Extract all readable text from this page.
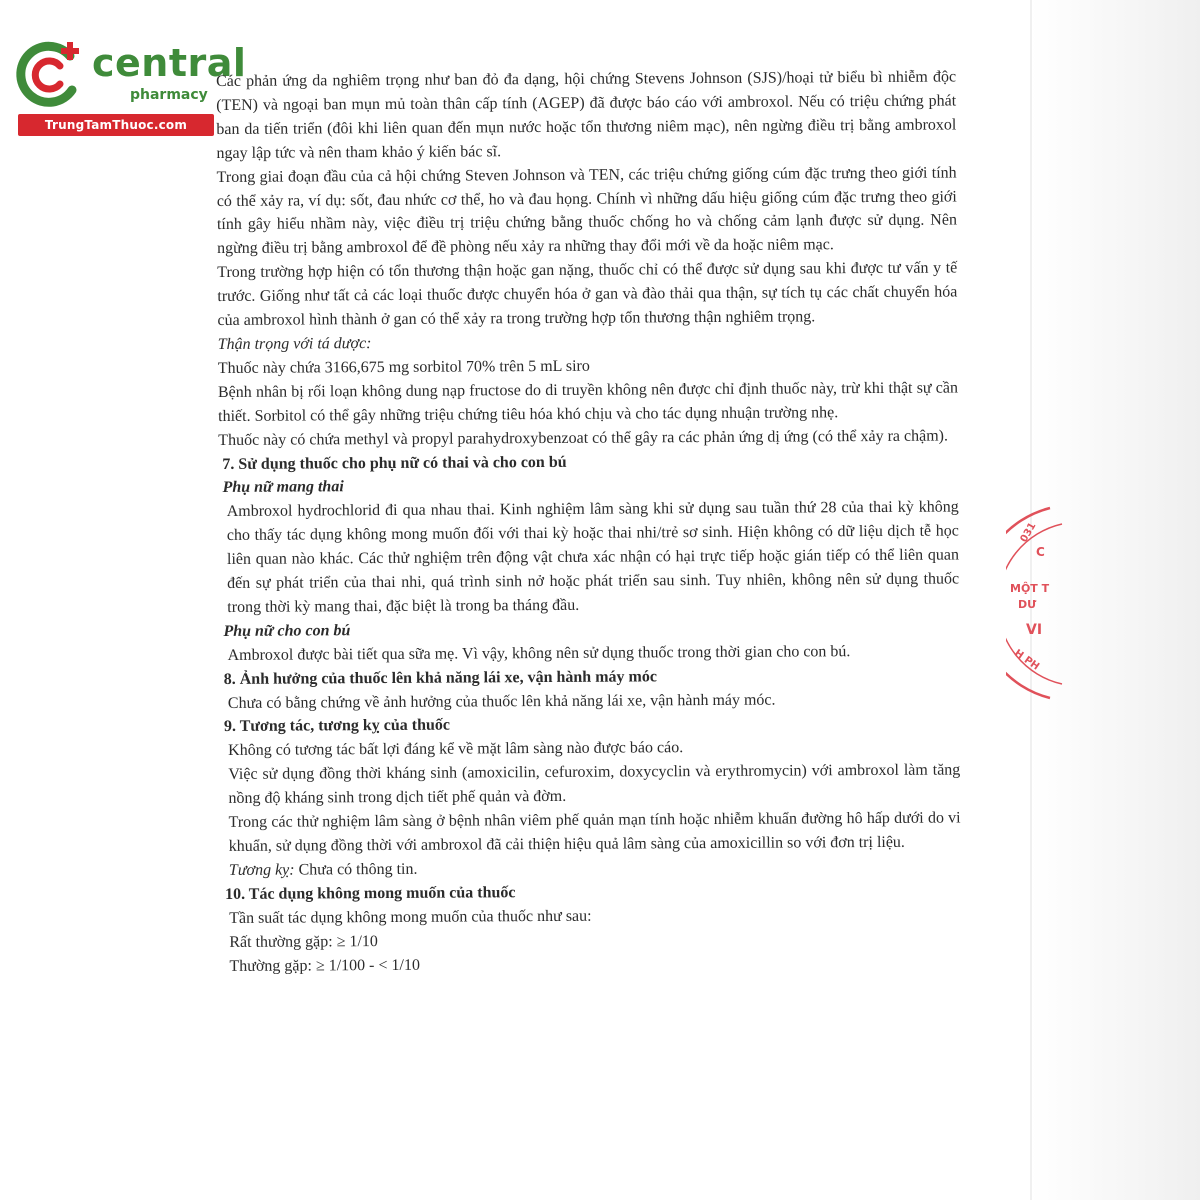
central
pharmacy
TrungTamThuoc.com
031
C
MỘT T
DƯ
VI
H PH

Các phản ứng da nghiêm trọng như ban đỏ đa dạng, hội chứng Stevens Johnson (SJS)/hoại tử biểu bì nhiễm độc (TEN) và ngoại ban mụn mủ toàn thân cấp tính (AGEP) đã được báo cáo với ambroxol. Nếu có triệu chứng phát ban da tiến triển (đôi khi liên quan đến mụn nước hoặc tổn thương niêm mạc), nên ngừng điều trị bằng ambroxol ngay lập tức và nên tham khảo ý kiến bác sĩ.

Trong giai đoạn đầu của cả hội chứng Steven Johnson và TEN, các triệu chứng giống cúm đặc trưng theo giới tính có thể xảy ra, ví dụ: sốt, đau nhức cơ thể, ho và đau họng. Chính vì những dấu hiệu giống cúm đặc trưng theo giới tính gây hiểu nhầm này, việc điều trị triệu chứng bằng thuốc chống ho và chống cảm lạnh được sử dụng. Nên ngừng điều trị bằng ambroxol để đề phòng nếu xảy ra những thay đổi mới về da hoặc niêm mạc.

Trong trường hợp hiện có tổn thương thận hoặc gan nặng, thuốc chỉ có thể được sử dụng sau khi được tư vấn y tế trước. Giống như tất cả các loại thuốc được chuyển hóa ở gan và đào thải qua thận, sự tích tụ các chất chuyển hóa của ambroxol hình thành ở gan có thể xảy ra trong trường hợp tổn thương thận nghiêm trọng.

Thận trọng với tá dược:

Thuốc này chứa 3166,675 mg sorbitol 70% trên 5 mL siro

Bệnh nhân bị rối loạn không dung nạp fructose do di truyền không nên được chỉ định thuốc này, trừ khi thật sự cần thiết. Sorbitol có thể gây những triệu chứng tiêu hóa khó chịu và cho tác dụng nhuận trường nhẹ.

Thuốc này có chứa methyl và propyl parahydroxybenzoat có thể gây ra các phản ứng dị ứng (có thể xảy ra chậm).

7. Sử dụng thuốc cho phụ nữ có thai và cho con bú

Phụ nữ mang thai

Ambroxol hydrochlorid đi qua nhau thai. Kinh nghiệm lâm sàng khi sử dụng sau tuần thứ 28 của thai kỳ không cho thấy tác dụng không mong muốn đối với thai kỳ hoặc thai nhi/trẻ sơ sinh. Hiện không có dữ liệu dịch tễ học liên quan nào khác. Các thử nghiệm trên động vật chưa xác nhận có hại trực tiếp hoặc gián tiếp có thể liên quan đến sự phát triển của thai nhi, quá trình sinh nở hoặc phát triển sau sinh. Tuy nhiên, không nên sử dụng thuốc trong thời kỳ mang thai, đặc biệt là trong ba tháng đầu.

Phụ nữ cho con bú

Ambroxol được bài tiết qua sữa mẹ. Vì vậy, không nên sử dụng thuốc trong thời gian cho con bú.

8. Ảnh hưởng của thuốc lên khả năng lái xe, vận hành máy móc

Chưa có bằng chứng về ảnh hưởng của thuốc lên khả năng lái xe, vận hành máy móc.

9. Tương tác, tương kỵ của thuốc

Không có tương tác bất lợi đáng kể về mặt lâm sàng nào được báo cáo.

Việc sử dụng đồng thời kháng sinh (amoxicilin, cefuroxim, doxycyclin và erythromycin) với ambroxol làm tăng nồng độ kháng sinh trong dịch tiết phế quản và đờm.

Trong các thử nghiệm lâm sàng ở bệnh nhân viêm phế quản mạn tính hoặc nhiễm khuẩn đường hô hấp dưới do vi khuẩn, sử dụng đồng thời với ambroxol đã cải thiện hiệu quả lâm sàng của amoxicillin so với đơn trị liệu.

Tương kỵ: Chưa có thông tin.

10. Tác dụng không mong muốn của thuốc

Tần suất tác dụng không mong muốn của thuốc như sau:

Rất thường gặp: ≥ 1/10

Thường gặp: ≥ 1/100 - < 1/10
